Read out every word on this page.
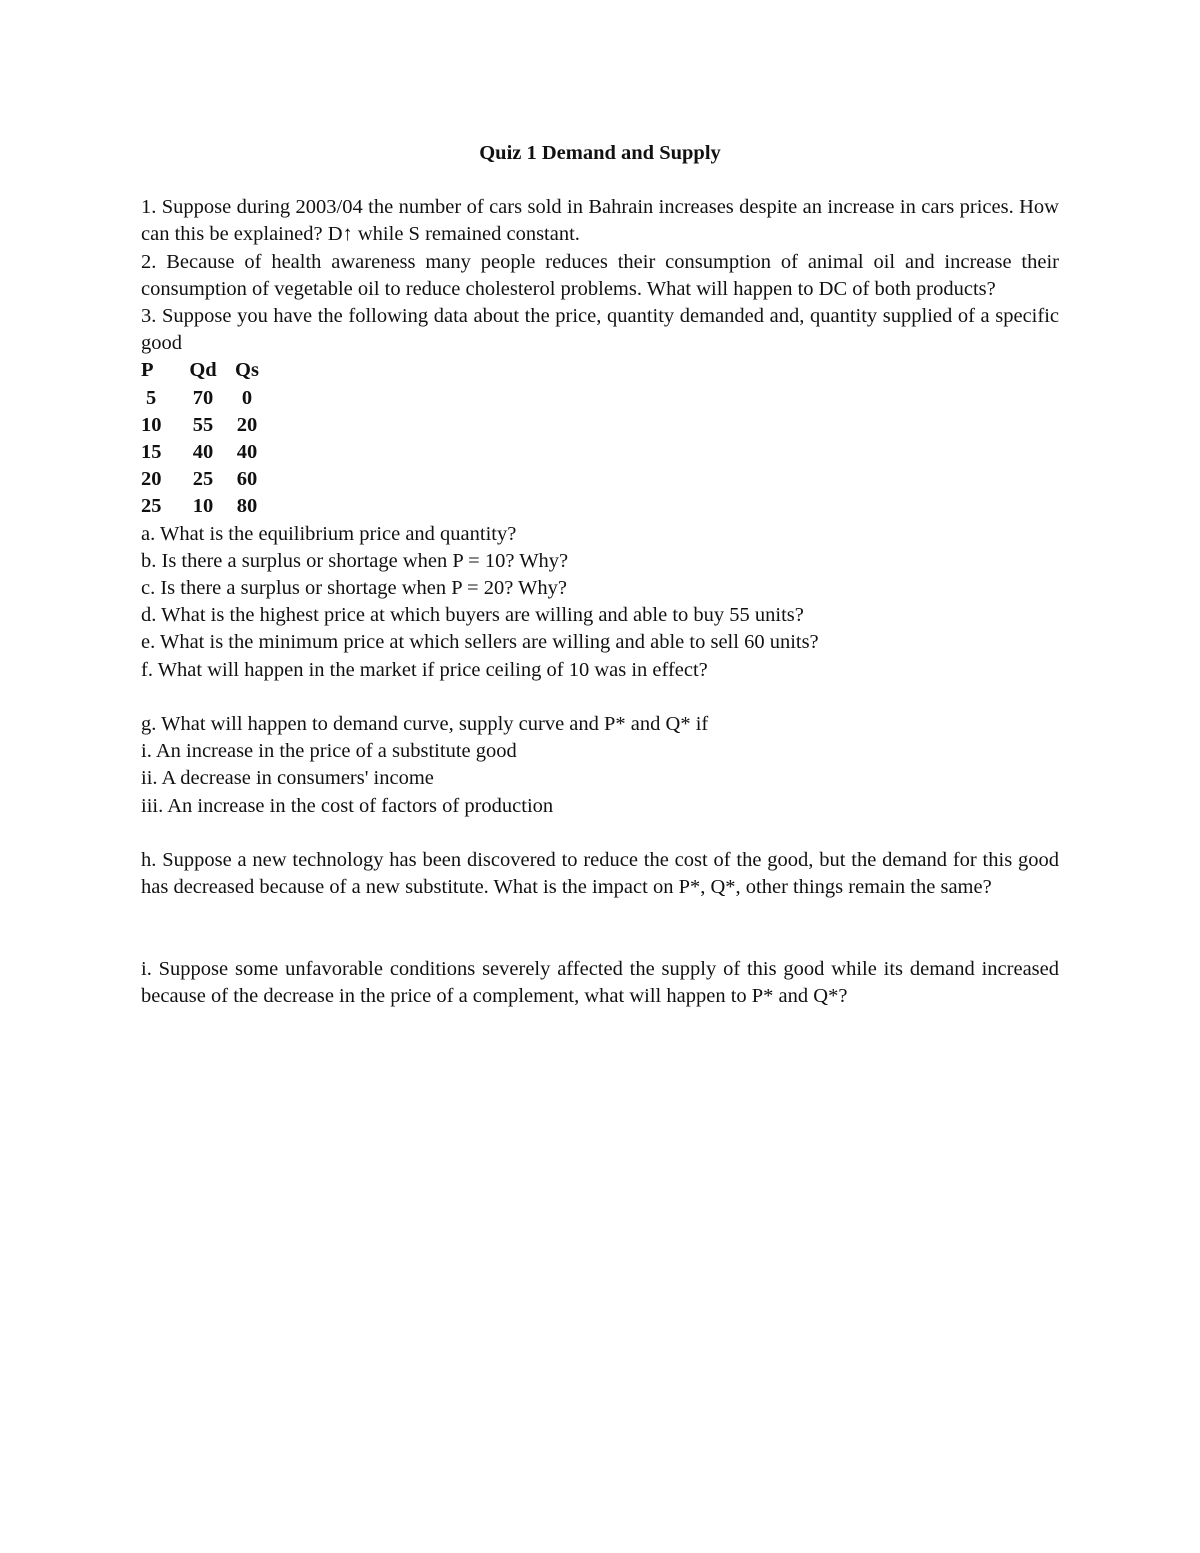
Quiz 1 Demand and Supply

1. Suppose during 2003/04 the number of cars sold in Bahrain increases despite an increase in cars prices. How can this be explained? D↑ while S remained constant.

2. Because of health awareness many people reduces their consumption of animal oil and increase their consumption of vegetable oil to reduce cholesterol problems. What will happen to DC of both products?

3. Suppose you have the following data about the price, quantity demanded and, quantity supplied of a specific good

P	Qd	Qs
5	70	0
10	55	20
15	40	40
20	25	60
25	10	80

a. What is the equilibrium price and quantity?

b. Is there a surplus or shortage when P = 10? Why?

c. Is there a surplus or shortage when P = 20? Why?

d. What is the highest price at which buyers are willing and able to buy 55 units?

e. What is the minimum price at which sellers are willing and able to sell 60 units?

f. What will happen in the market if price ceiling of 10 was in effect?

g. What will happen to demand curve, supply curve and P* and Q* if

i. An increase in the price of a substitute good

ii. A decrease in consumers' income

iii. An increase in the cost of factors of production

h. Suppose a new technology has been discovered to reduce the cost of the good, but the demand for this good has decreased because of a new substitute. What is the impact on P*, Q*, other things remain the same?

i. Suppose some unfavorable conditions severely affected the supply of this good while its demand increased because of the decrease in the price of a complement, what will happen to P* and Q*?
